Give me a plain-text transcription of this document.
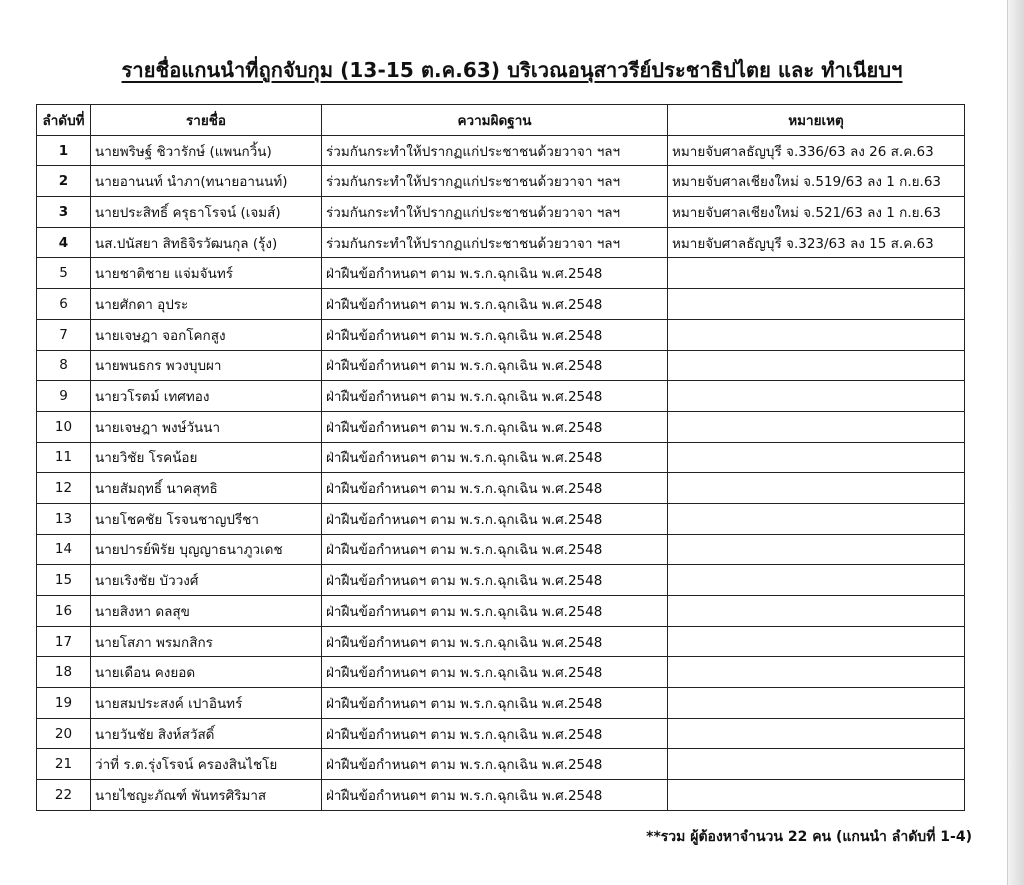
รายชื่อแกนนำที่ถูกจับกุม (13-15 ต.ค.63) บริเวณอนุสาวรีย์ประชาธิปไตย และ ทำเนียบฯ
ลำดับที่	รายชื่อ	ความผิดฐาน	หมายเหตุ
1	นายพริษฐ์ ชิวารักษ์ (แพนกวิ้น)	ร่วมกันกระทำให้ปรากฏแก่ประชาชนด้วยวาจา ฯลฯ	หมายจับศาลธัญบุรี จ.336/63 ลง 26 ส.ค.63
2	นายอานนท์ นำภา(ทนายอานนท์)	ร่วมกันกระทำให้ปรากฏแก่ประชาชนด้วยวาจา ฯลฯ	หมายจับศาลเชียงใหม่ จ.519/63 ลง 1 ก.ย.63
3	นายประสิทธิ์ ครุธาโรจน์ (เจมส์)	ร่วมกันกระทำให้ปรากฏแก่ประชาชนด้วยวาจา ฯลฯ	หมายจับศาลเชียงใหม่ จ.521/63 ลง 1 ก.ย.63
4	นส.ปนัสยา สิทธิจิรวัฒนกุล (รุ้ง)	ร่วมกันกระทำให้ปรากฏแก่ประชาชนด้วยวาจา ฯลฯ	หมายจับศาลธัญบุรี จ.323/63 ลง 15 ส.ค.63
5	นายชาติชาย แจ่มจันทร์	ฝ่าฝืนข้อกำหนดฯ ตาม พ.ร.ก.ฉุกเฉิน พ.ศ.2548	
6	นายศักดา อุประ	ฝ่าฝืนข้อกำหนดฯ ตาม พ.ร.ก.ฉุกเฉิน พ.ศ.2548	
7	นายเจษฎา จอกโคกสูง	ฝ่าฝืนข้อกำหนดฯ ตาม พ.ร.ก.ฉุกเฉิน พ.ศ.2548	
8	นายพนธกร พวงบุบผา	ฝ่าฝืนข้อกำหนดฯ ตาม พ.ร.ก.ฉุกเฉิน พ.ศ.2548	
9	นายวโรตม์ เทศทอง	ฝ่าฝืนข้อกำหนดฯ ตาม พ.ร.ก.ฉุกเฉิน พ.ศ.2548	
10	นายเจษฎา พงษ์วันนา	ฝ่าฝืนข้อกำหนดฯ ตาม พ.ร.ก.ฉุกเฉิน พ.ศ.2548	
11	นายวิชัย โรคน้อย	ฝ่าฝืนข้อกำหนดฯ ตาม พ.ร.ก.ฉุกเฉิน พ.ศ.2548	
12	นายสัมฤทธิ์ นาคสุทธิ	ฝ่าฝืนข้อกำหนดฯ ตาม พ.ร.ก.ฉุกเฉิน พ.ศ.2548	
13	นายโชคชัย โรจนชาญปรีชา	ฝ่าฝืนข้อกำหนดฯ ตาม พ.ร.ก.ฉุกเฉิน พ.ศ.2548	
14	นายปารย์พิรัย บุญญาธนาภูวเดช	ฝ่าฝืนข้อกำหนดฯ ตาม พ.ร.ก.ฉุกเฉิน พ.ศ.2548	
15	นายเริงชัย บัววงศ์	ฝ่าฝืนข้อกำหนดฯ ตาม พ.ร.ก.ฉุกเฉิน พ.ศ.2548	
16	นายสิงหา ดลสุข	ฝ่าฝืนข้อกำหนดฯ ตาม พ.ร.ก.ฉุกเฉิน พ.ศ.2548	
17	นายโสภา พรมกสิกร	ฝ่าฝืนข้อกำหนดฯ ตาม พ.ร.ก.ฉุกเฉิน พ.ศ.2548	
18	นายเดือน คงยอด	ฝ่าฝืนข้อกำหนดฯ ตาม พ.ร.ก.ฉุกเฉิน พ.ศ.2548	
19	นายสมประสงค์ เปาอินทร์	ฝ่าฝืนข้อกำหนดฯ ตาม พ.ร.ก.ฉุกเฉิน พ.ศ.2548	
20	นายวันชัย สิงห์สวัสดิ์	ฝ่าฝืนข้อกำหนดฯ ตาม พ.ร.ก.ฉุกเฉิน พ.ศ.2548	
21	ว่าที่ ร.ต.รุ่งโรจน์ ครองสินไชโย	ฝ่าฝืนข้อกำหนดฯ ตาม พ.ร.ก.ฉุกเฉิน พ.ศ.2548	
22	นายไชญะภัณฑ์ พันทรศิริมาส	ฝ่าฝืนข้อกำหนดฯ ตาม พ.ร.ก.ฉุกเฉิน พ.ศ.2548	
**รวม ผู้ต้องหาจำนวน 22 คน (แกนนำ ลำดับที่ 1-4)
